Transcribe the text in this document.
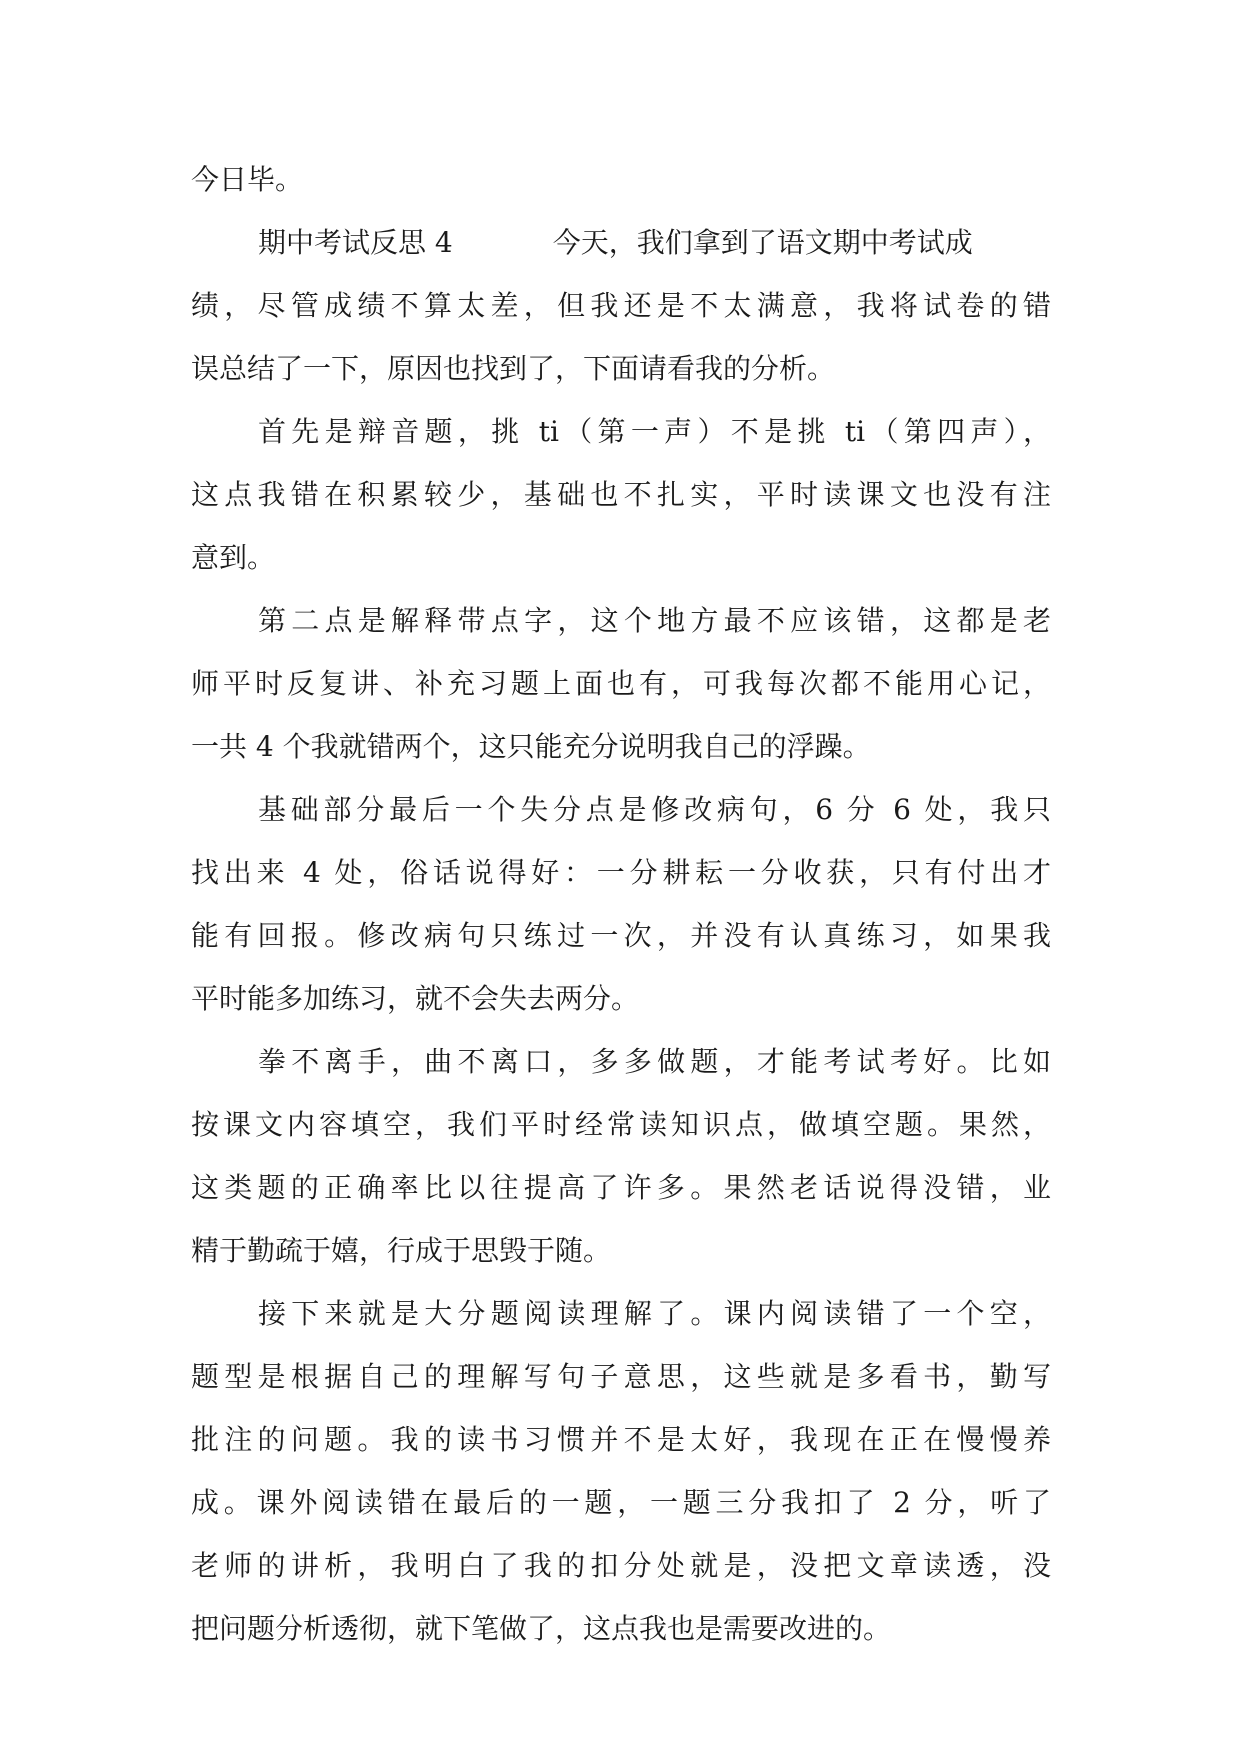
今日毕。
期中考试反思 4	今天，我们拿到了语文期中考试成
绩，尽管成绩不算太差，但我还是不太满意，我将试卷的错
误总结了一下，原因也找到了，下面请看我的分析。
首先是辩音题，挑 ti（第一声）不是挑 ti（第四声），
这点我错在积累较少，基础也不扎实，平时读课文也没有注
意到。
第二点是解释带点字，这个地方最不应该错，这都是老
师平时反复讲、补充习题上面也有，可我每次都不能用心记，
一共 4 个我就错两个，这只能充分说明我自己的浮躁。
基础部分最后一个失分点是修改病句，6 分 6 处，我只
找出来 4 处，俗话说得好：一分耕耘一分收获，只有付出才
能有回报。修改病句只练过一次，并没有认真练习，如果我
平时能多加练习，就不会失去两分。
拳不离手，曲不离口，多多做题，才能考试考好。比如
按课文内容填空，我们平时经常读知识点，做填空题。果然，
这类题的正确率比以往提高了许多。果然老话说得没错，业
精于勤疏于嬉，行成于思毁于随。
接下来就是大分题阅读理解了。课内阅读错了一个空，
题型是根据自己的理解写句子意思，这些就是多看书，勤写
批注的问题。我的读书习惯并不是太好，我现在正在慢慢养
成。课外阅读错在最后的一题，一题三分我扣了 2 分，听了
老师的讲析，我明白了我的扣分处就是，没把文章读透，没
把问题分析透彻，就下笔做了，这点我也是需要改进的。
